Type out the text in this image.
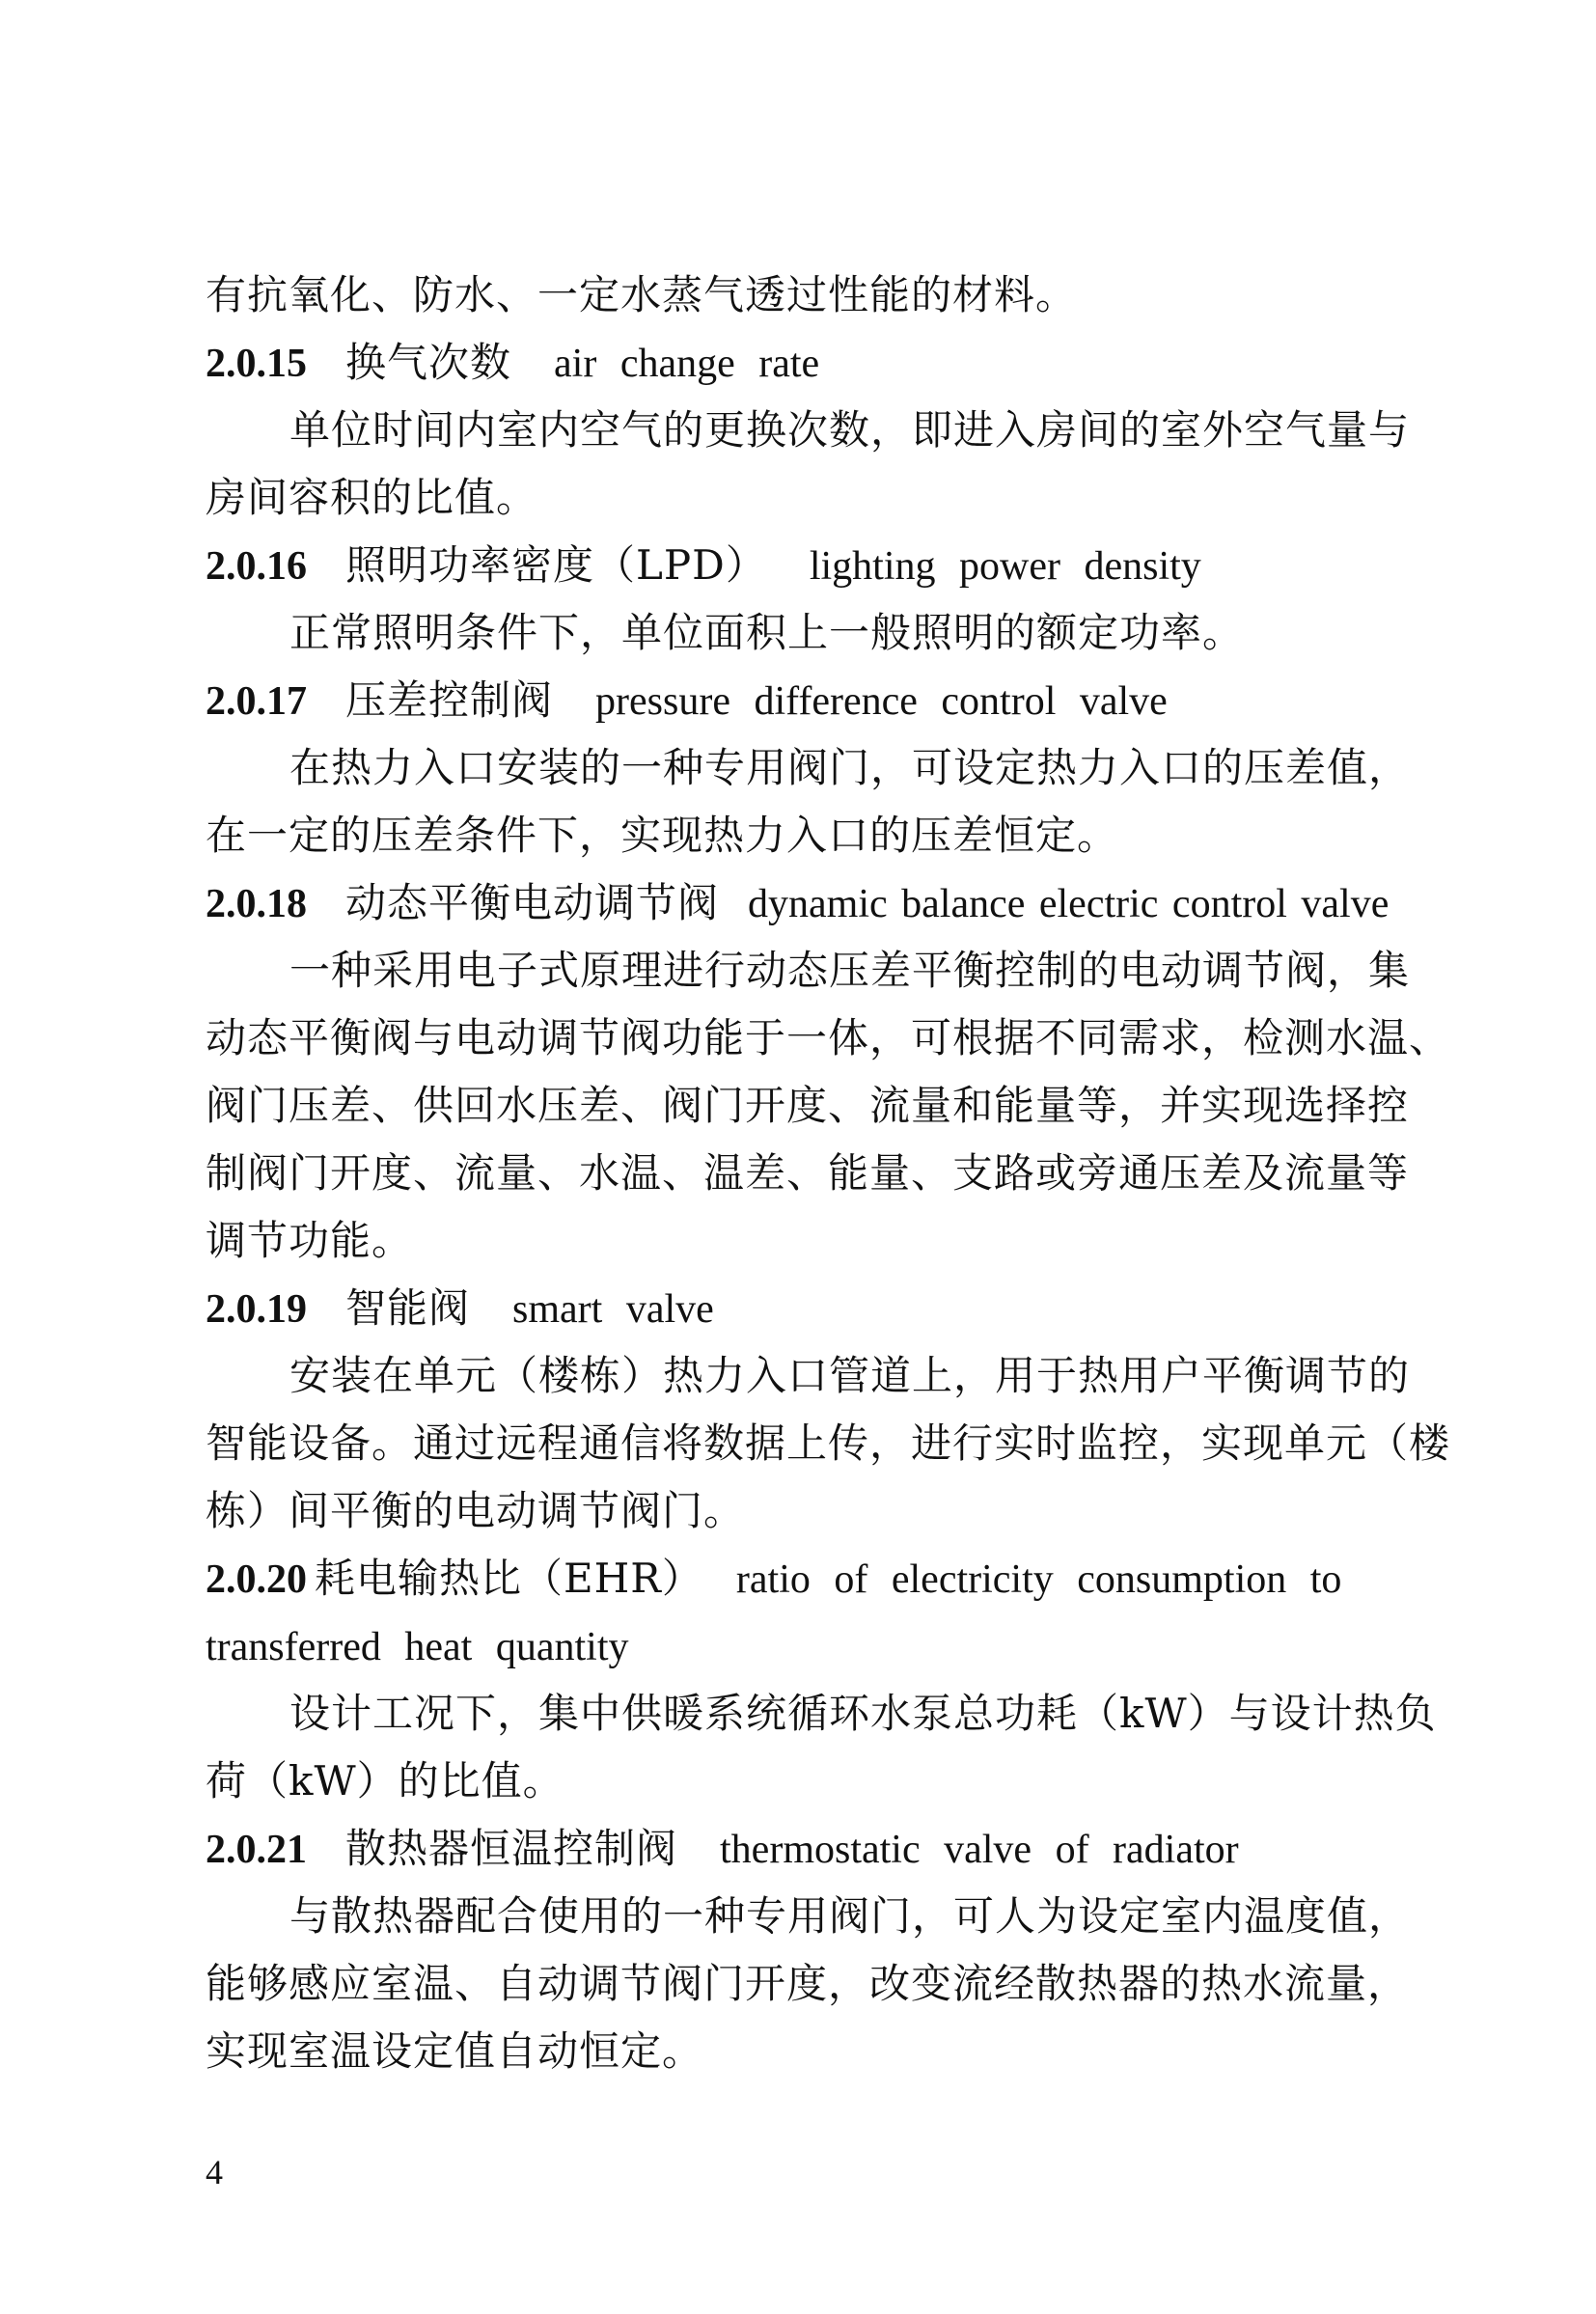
有抗氧化、防水、一定水蒸气透过性能的材料。
2.0.15 换气次数 air change rate
单位时间内室内空气的更换次数，即进入房间的室外空气量与
房间容积的比值。
2.0.16 照明功率密度（LPD） lighting power density
正常照明条件下，单位面积上一般照明的额定功率。
2.0.17 压差控制阀 pressure difference control valve
在热力入口安装的一种专用阀门，可设定热力入口的压差值，
在一定的压差条件下，实现热力入口的压差恒定。
2.0.18 动态平衡电动调节阀 dynamic balance electric control valve
一种采用电子式原理进行动态压差平衡控制的电动调节阀，集
动态平衡阀与电动调节阀功能于一体，可根据不同需求，检测水温、
阀门压差、供回水压差、阀门开度、流量和能量等，并实现选择控
制阀门开度、流量、水温、温差、能量、支路或旁通压差及流量等
调节功能。
2.0.19 智能阀 smart valve
安装在单元（楼栋）热力入口管道上，用于热用户平衡调节的
智能设备。通过远程通信将数据上传，进行实时监控，实现单元（楼
栋）间平衡的电动调节阀门。
2.0.20 耗电输热比（EHR） ratio of electricity consumption to
transferred heat quantity
设计工况下，集中供暖系统循环水泵总功耗（kW）与设计热负
荷（kW）的比值。
2.0.21 散热器恒温控制阀 thermostatic valve of radiator
与散热器配合使用的一种专用阀门，可人为设定室内温度值，
能够感应室温、自动调节阀门开度，改变流经散热器的热水流量，
实现室温设定值自动恒定。
4
